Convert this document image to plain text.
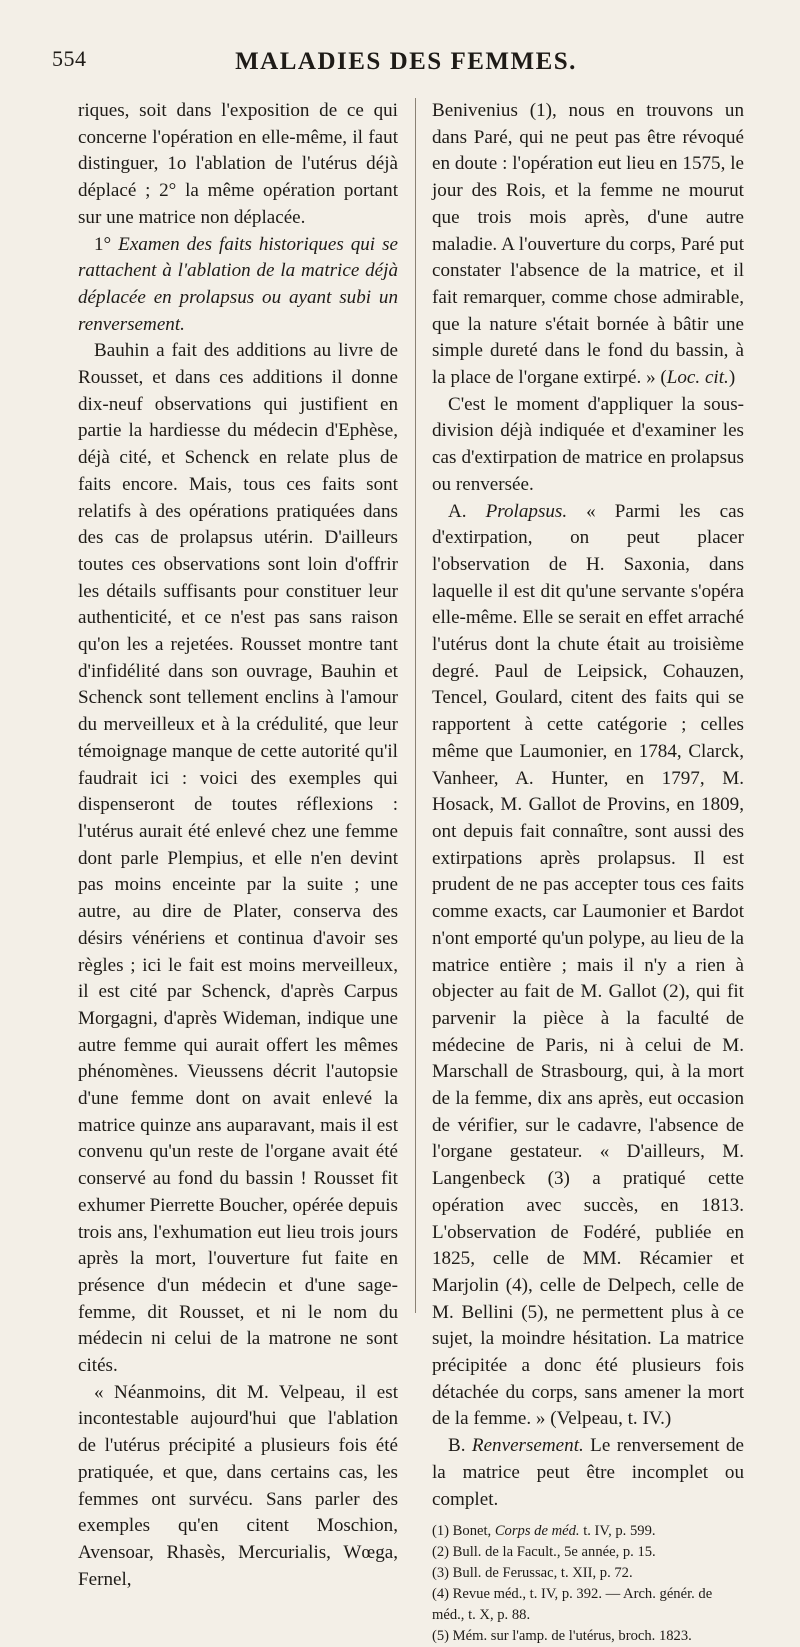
554	MALADIES DES FEMMES.

riques, soit dans l'exposition de ce qui concerne l'opération en elle-même, il faut distinguer, 1o l'ablation de l'utérus déjà déplacé ; 2° la même opération portant sur une matrice non déplacée.

1° Examen des faits historiques qui se rattachent à l'ablation de la matrice déjà déplacée en prolapsus ou ayant subi un renversement.

Bauhin a fait des additions au livre de Rousset, et dans ces additions il donne dix-neuf observations qui justifient en partie la hardiesse du médecin d'Ephèse, déjà cité, et Schenck en relate plus de faits encore. Mais, tous ces faits sont relatifs à des opérations pratiquées dans des cas de prolapsus utérin. D'ailleurs toutes ces observations sont loin d'offrir les détails suffisants pour constituer leur authenticité, et ce n'est pas sans raison qu'on les a rejetées. Rousset montre tant d'infidélité dans son ouvrage, Bauhin et Schenck sont tellement enclins à l'amour du merveilleux et à la crédulité, que leur témoignage manque de cette autorité qu'il faudrait ici : voici des exemples qui dispenseront de toutes réflexions : l'utérus aurait été enlevé chez une femme dont parle Plempius, et elle n'en devint pas moins enceinte par la suite ; une autre, au dire de Plater, conserva des désirs vénériens et continua d'avoir ses règles ; ici le fait est moins merveilleux, il est cité par Schenck, d'après Carpus Morgagni, d'après Wideman, indique une autre femme qui aurait offert les mêmes phénomènes. Vieussens décrit l'autopsie d'une femme dont on avait enlevé la matrice quinze ans auparavant, mais il est convenu qu'un reste de l'organe avait été conservé au fond du bassin ! Rousset fit exhumer Pierrette Boucher, opérée depuis trois ans, l'exhumation eut lieu trois jours après la mort, l'ouverture fut faite en présence d'un médecin et d'une sage-femme, dit Rousset, et ni le nom du médecin ni celui de la matrone ne sont cités.

« Néanmoins, dit M. Velpeau, il est incontestable aujourd'hui que l'ablation de l'utérus précipité a plusieurs fois été pratiquée, et que, dans certains cas, les femmes ont survécu. Sans parler des exemples qu'en citent Moschion, Avensoar, Rhasès, Mercurialis, Wœga, Fernel,

Benivenius (1), nous en trouvons un dans Paré, qui ne peut pas être révoqué en doute : l'opération eut lieu en 1575, le jour des Rois, et la femme ne mourut que trois mois après, d'une autre maladie. A l'ouverture du corps, Paré put constater l'absence de la matrice, et il fait remarquer, comme chose admirable, que la nature s'était bornée à bâtir une simple dureté dans le fond du bassin, à la place de l'organe extirpé. » (Loc. cit.)

C'est le moment d'appliquer la sous-division déjà indiquée et d'examiner les cas d'extirpation de matrice en prolapsus ou renversée.

A. Prolapsus. « Parmi les cas d'extirpation, on peut placer l'observation de H. Saxonia, dans laquelle il est dit qu'une servante s'opéra elle-même. Elle se serait en effet arraché l'utérus dont la chute était au troisième degré. Paul de Leipsick, Cohauzen, Tencel, Goulard, citent des faits qui se rapportent à cette catégorie ; celles même que Laumonier, en 1784, Clarck, Vanheer, A. Hunter, en 1797, M. Hosack, M. Gallot de Provins, en 1809, ont depuis fait connaître, sont aussi des extirpations après prolapsus. Il est prudent de ne pas accepter tous ces faits comme exacts, car Laumonier et Bardot n'ont emporté qu'un polype, au lieu de la matrice entière ; mais il n'y a rien à objecter au fait de M. Gallot (2), qui fit parvenir la pièce à la faculté de médecine de Paris, ni à celui de M. Marschall de Strasbourg, qui, à la mort de la femme, dix ans après, eut occasion de vérifier, sur le cadavre, l'absence de l'organe gestateur. « D'ailleurs, M. Langenbeck (3) a pratiqué cette opération avec succès, en 1813. L'observation de Fodéré, publiée en 1825, celle de MM. Récamier et Marjolin (4), celle de Delpech, celle de M. Bellini (5), ne permettent plus à ce sujet, la moindre hésitation. La matrice précipitée a donc été plusieurs fois détachée du corps, sans amener la mort de la femme. » (Velpeau, t. IV.)

B. Renversement. Le renversement de la matrice peut être incomplet ou complet.

(1) Bonet, Corps de méd. t. IV, p. 599.
(2) Bull. de la Facult., 5e année, p. 15.
(3) Bull. de Ferussac, t. XII, p. 72.
(4) Revue méd., t. IV, p. 392. — Arch. génér. de méd., t. X, p. 88.
(5) Mém. sur l'amp. de l'utérus, broch. 1823.
